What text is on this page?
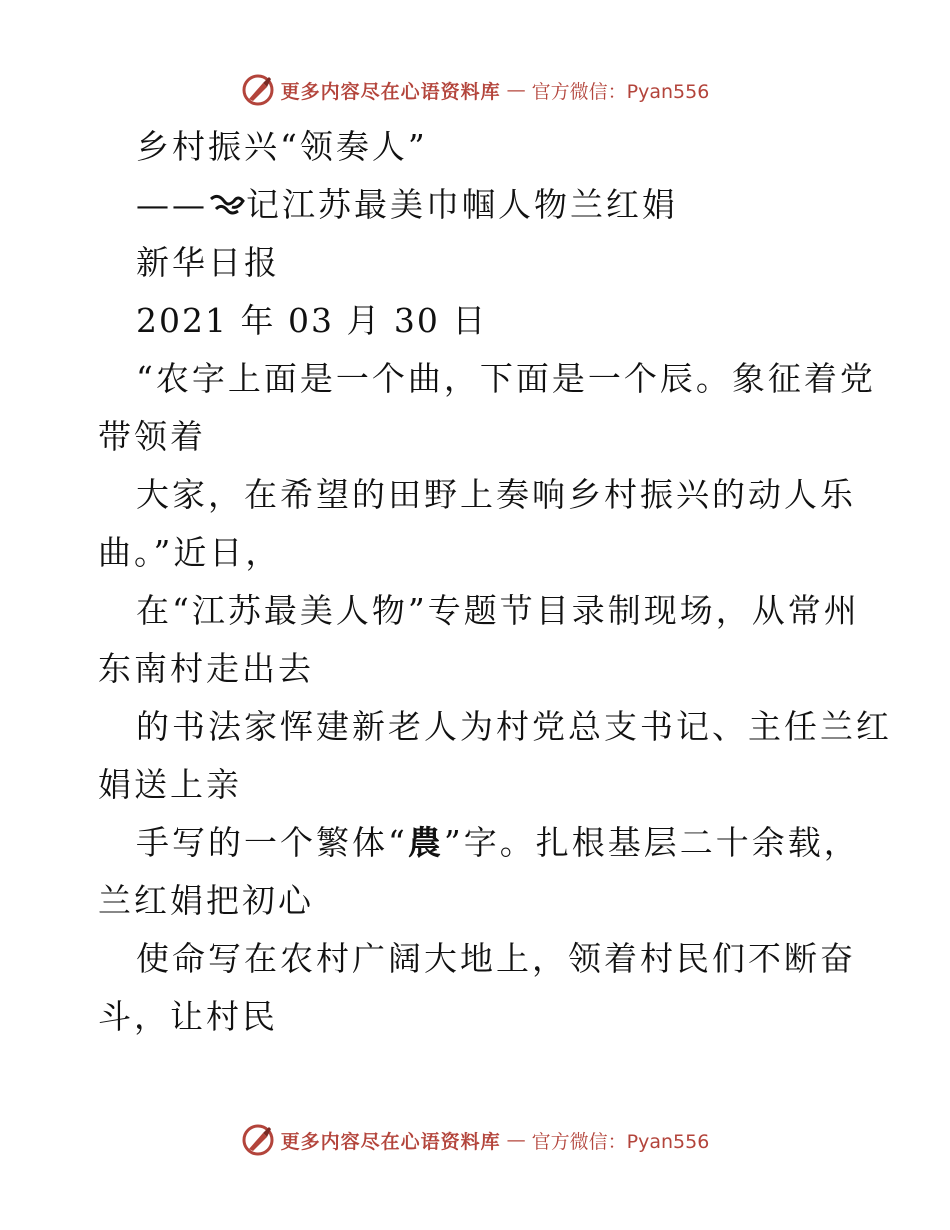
更多内容尽在心语资料库 — 官方微信：Pyan556
乡村振兴“领奏人”
—— 记江苏最美巾帼人物兰红娟
新华日报
2021 年 03 月 30 日
“农字上面是一个曲，下面是一个辰。象征着党
带领着
大家，在希望的田野上奏响乡村振兴的动人乐
曲。”近日，
在“江苏最美人物”专题节目录制现场，从常州
东南村走出去
的书法家恽建新老人为村党总支书记、主任兰红
娟送上亲
手写的一个繁体“農”字。扎根基层二十余载，
兰红娟把初心
使命写在农村广阔大地上，领着村民们不断奋
斗，让村民
更多内容尽在心语资料库 — 官方微信：Pyan556
